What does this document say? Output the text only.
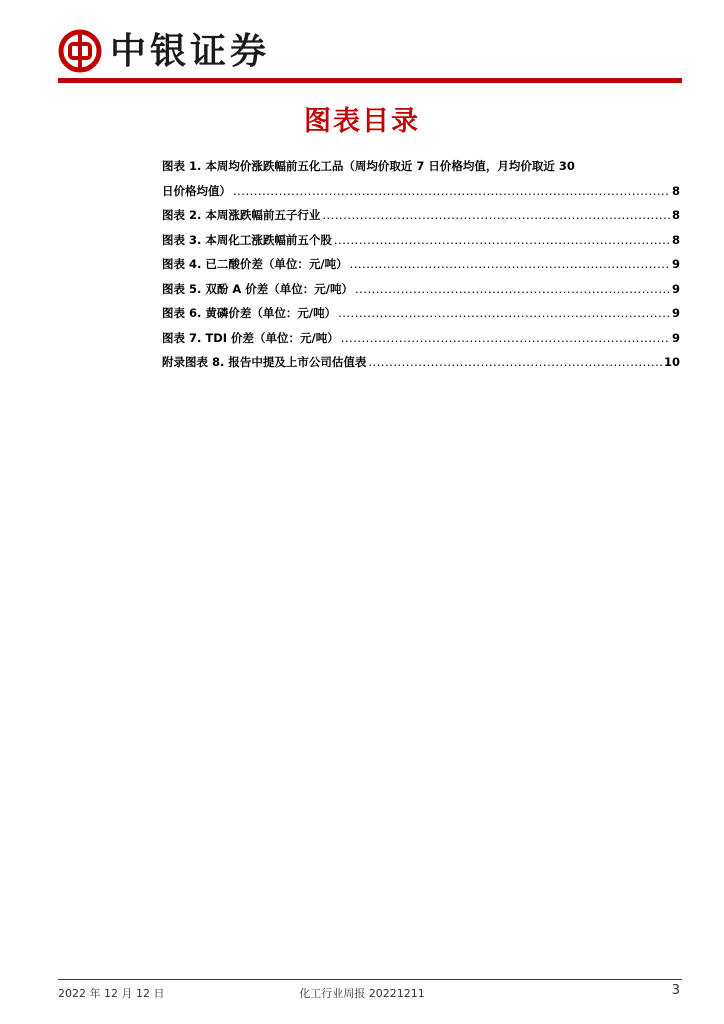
中银证券
图表目录
图表 1. 本周均价涨跌幅前五化工品（周均价取近 7 日价格均值，月均价取近 30
日价格均值） .....	8
图表 2. 本周涨跌幅前五子行业 .....	8
图表 3. 本周化工涨跌幅前五个股 .....	8
图表 4. 已二酸价差（单位：元/吨） .....	9
图表 5. 双酚 A 价差（单位：元/吨） .....	9
图表 6. 黄磷价差（单位：元/吨） .....	9
图表 7. TDI 价差（单位：元/吨） .....	9
附录图表 8. 报告中提及上市公司估值表 .....	10
2022 年 12 月 12 日	化工行业周报 20221211	3
